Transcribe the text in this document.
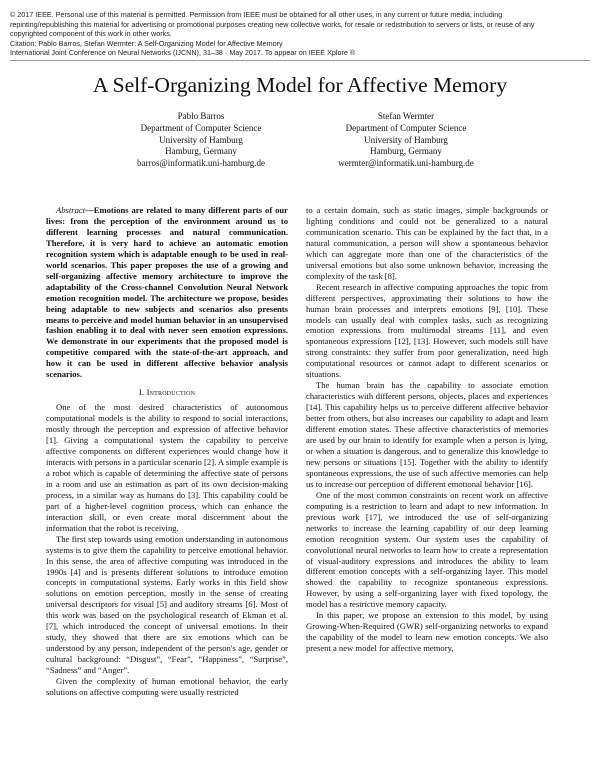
© 2017 IEEE. Personal use of this material is permitted. Permission from IEEE must be obtained for all other uses, in any current or future media, including

repinting/republishing this material for advertising or promotional purposes creating new collective works, for resale or redistribution to servers or lists, or reuse of any

copyrighted component of this work in other works.

Citation: Pablo Barros, Stefan Wermter: A Self-Organizing Model for Affective Memory

International Joint Conference on Neural Networks (IJCNN), 31–38 · May 2017. To appear on IEEE Xplore ®

A Self-Organizing Model for Affective Memory
Pablo Barros
Department of Computer Science
University of Hamburg
Hamburg, Germany
barros@informatik.uni-hamburg.de
Stefan Wermter
Department of Computer Science
University of Hamburg
Hamburg, Germany
wermter@informatik.uni-hamburg.de

Abstract—Emotions are related to many different parts of our lives: from the perception of the environment around us to different learning processes and natural communication. Therefore, it is very hard to achieve an automatic emotion recognition system which is adaptable enough to be used in real-world scenarios. This paper proposes the use of a growing and self-organizing affective memory architecture to improve the adaptability of the Cross-channel Convolution Neural Network emotion recognition model. The architecture we propose, besides being adaptable to new subjects and scenarios also presents means to perceive and model human behavior in an unsupervised fashion enabling it to deal with never seen emotion expressions. We demonstrate in our experiments that the proposed model is competitive compared with the state-of-the-art approach, and how it can be used in different affective behavior analysis scenarios.

I. Introduction

One of the most desired characteristics of autonomous computational models is the ability to respond to social interactions, mostly through the perception and expression of affective behavior [1]. Giving a computational system the capability to perceive affective components on different experiences would change how it interacts with persons in a particular scenario [2]. A simple example is a robot which is capable of determining the affective state of persons in a room and use an estimation as part of its own decision-making process, in a similar way as humans do [3]. This capability could be part of a higher-level cognition process, which can enhance the interaction skill, or even create moral discernment about the information that the robot is receiving.

The first step towards using emotion understanding in autonomous systems is to give them the capability to perceive emotional behavior. In this sense, the area of affective computing was introduced in the 1990s [4] and is presents different solutions to introduce emotion concepts in computational systems. Early works in this field show solutions on emotion perception, mostly in the sense of creating universal descriptors for visual [5] and auditory streams [6]. Most of this work was based on the psychological research of Ekman et al. [7], which introduced the concept of universal emotions. In their study, they showed that there are six emotions which can be understood by any person, independent of the person's age, gender or cultural background: “Disgust”, “Fear”, “Happiness”, “Surprise”, “Sadness” and “Anger”.

Given the complexity of human emotional behavior, the early solutions on affective computing were usually restricted

to a certain domain, such as static images, simple backgrounds or lighting conditions and could not be generalized to a natural communication scenario. This can be explained by the fact that, in a natural communication, a person will show a spontaneous behavior which can aggregate more than one of the characteristics of the universal emotions but also some unknown behavior, increasing the complexity of the task [8].

Recent research in affective computing approaches the topic from different perspectives, approximating their solutions to how the human brain processes and interprets emotions [9], [10]. These models can usually deal with complex tasks, such as recognizing emotion expressions from multimodal streams [11], and even spontaneous expressions [12], [13]. However, such models still have strong constraints: they suffer from poor generalization, need high computational resources or cannot adapt to different scenarios or situations.

The human brain has the capability to associate emotion characteristics with different persons, objects, places and experiences [14]. This capability helps us to perceive different affective behavior better from others, but also increases our capability to adapt and learn different emotion states. These affective characteristics of memories are used by our brain to identify for example when a person is lying, or when a situation is dangerous, and to generalize this knowledge to new persons or situations [15]. Together with the ability to identify spontaneous expressions, the use of such affective memories can help us to increase our perception of different emotional behavior [16].

One of the most common constraints on recent work on affective computing is a restriction to learn and adapt to new information. In previous work [17], we introduced the use of self-organizing networks to increase the learning capability of our deep learning emotion recognition system. Our system uses the capability of convolutional neural networks to learn how to create a representation of visual-auditory expressions and introduces the ability to learn different emotion concepts with a self-organizing layer. This model showed the capability to recognize spontaneous expressions. However, by using a self-organizing layer with fixed topology, the model has a restrictive memory capacity.

In this paper, we propose an extension to this model, by using Growing-When-Required (GWR) self-organizing networks to expand the capability of the model to learn new emotion concepts. We also present a new model for affective memory,
